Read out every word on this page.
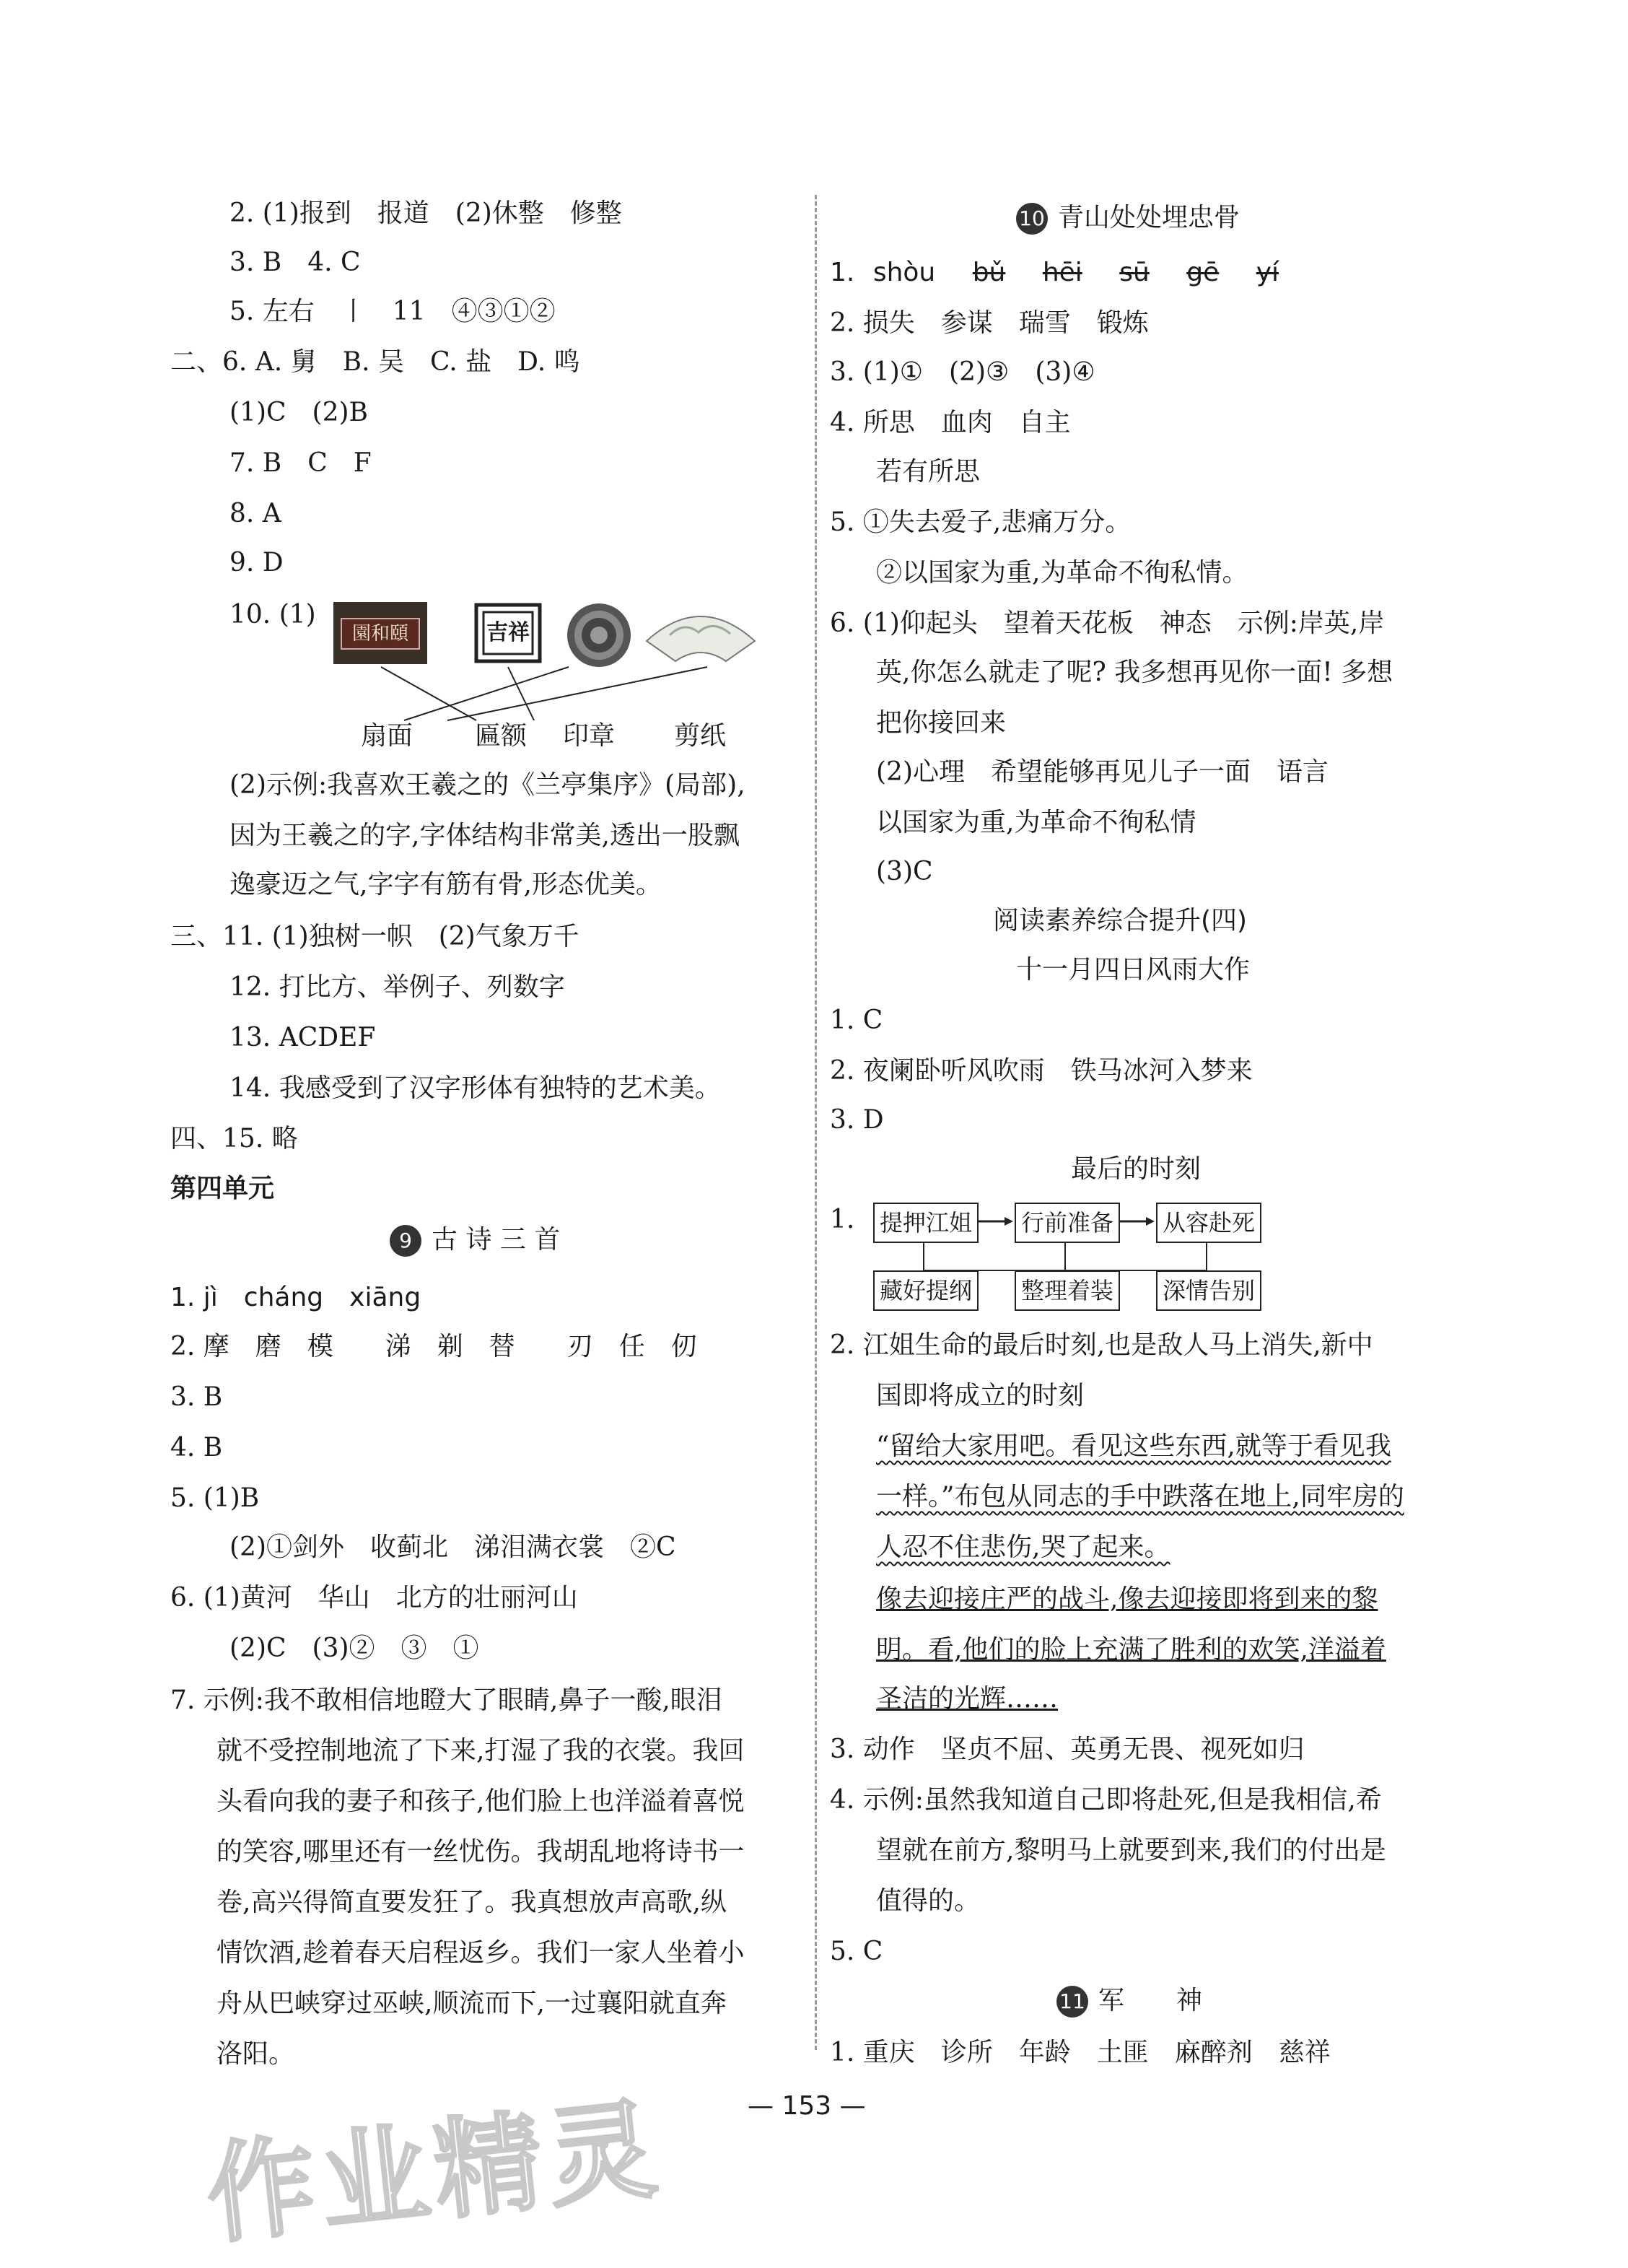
2. (1)报到　报道　(2)休整　修整
3. B　4. C
5. 左右　丨　11　④③①②
二、6. A. 舅　B. 吴　C. 盐　D. 鸣
(1)C　(2)B
7. B　C　F
8. A
9. D
10. (1)
園和頤	吉祥
扇面 匾额 印章 剪纸
(2)示例:我喜欢王羲之的《兰亭集序》(局部),
因为王羲之的字,字体结构非常美,透出一股飘
逸豪迈之气,字字有筋有骨,形态优美。
三、11. (1)独树一帜　(2)气象万千
12. 打比方、举例子、列数字
13. ACDEF
14. 我感受到了汉字形体有独特的艺术美。
四、15. 略
第四单元
9 古 诗 三 首
1. jì　cháng　xiāng
2. 摩　磨　模　　涕　剃　替　　刃　任　仞
3. B
4. B
5. (1)B
(2)①剑外　收蓟北　涕泪满衣裳　②C
6. (1)黄河　华山　北方的壮丽河山
(2)C　(3)②　③　①
7. 示例:我不敢相信地瞪大了眼睛,鼻子一酸,眼泪
就不受控制地流了下来,打湿了我的衣裳。我回
头看向我的妻子和孩子,他们脸上也洋溢着喜悦
的笑容,哪里还有一丝忧伤。我胡乱地将诗书一
卷,高兴得简直要发狂了。我真想放声高歌,纵
情饮酒,趁着春天启程返乡。我们一家人坐着小
舟从巴峡穿过巫峡,顺流而下,一过襄阳就直奔
洛阳。
10 青山处处埋忠骨
1. shòu bǔ hēi sū gē yí
2. 损失　参谋　瑞雪　锻炼
3. (1)①　(2)③　(3)④
4. 所思　血肉　自主
若有所思
5. ①失去爱子,悲痛万分。
②以国家为重,为革命不徇私情。
6. (1)仰起头　望着天花板　神态　示例:岸英,岸
英,你怎么就走了呢? 我多想再见你一面! 多想
把你接回来
(2)心理　希望能够再见儿子一面　语言
以国家为重,为革命不徇私情
(3)C
阅读素养综合提升(四)
十一月四日风雨大作
1. C
2. 夜阑卧听风吹雨　铁马冰河入梦来
3. D
最后的时刻
1. 提押江姐 行前准备 从容赴死
藏好提纲 整理着装 深情告别
2. 江姐生命的最后时刻,也是敌人马上消失,新中
国即将成立的时刻
“留给大家用吧。看见这些东西,就等于看见我
一样。”布包从同志的手中跌落在地上,同牢房的
人忍不住悲伤,哭了起来。
像去迎接庄严的战斗,像去迎接即将到来的黎
明。看,他们的脸上充满了胜利的欢笑,洋溢着
圣洁的光辉……
3. 动作　坚贞不屈、英勇无畏、视死如归
4. 示例:虽然我知道自己即将赴死,但是我相信,希
望就在前方,黎明马上就要到来,我们的付出是
值得的。
5. C
11 军　　神
1. 重庆　诊所　年龄　土匪　麻醉剂　慈祥
— 153 —
作业精灵
